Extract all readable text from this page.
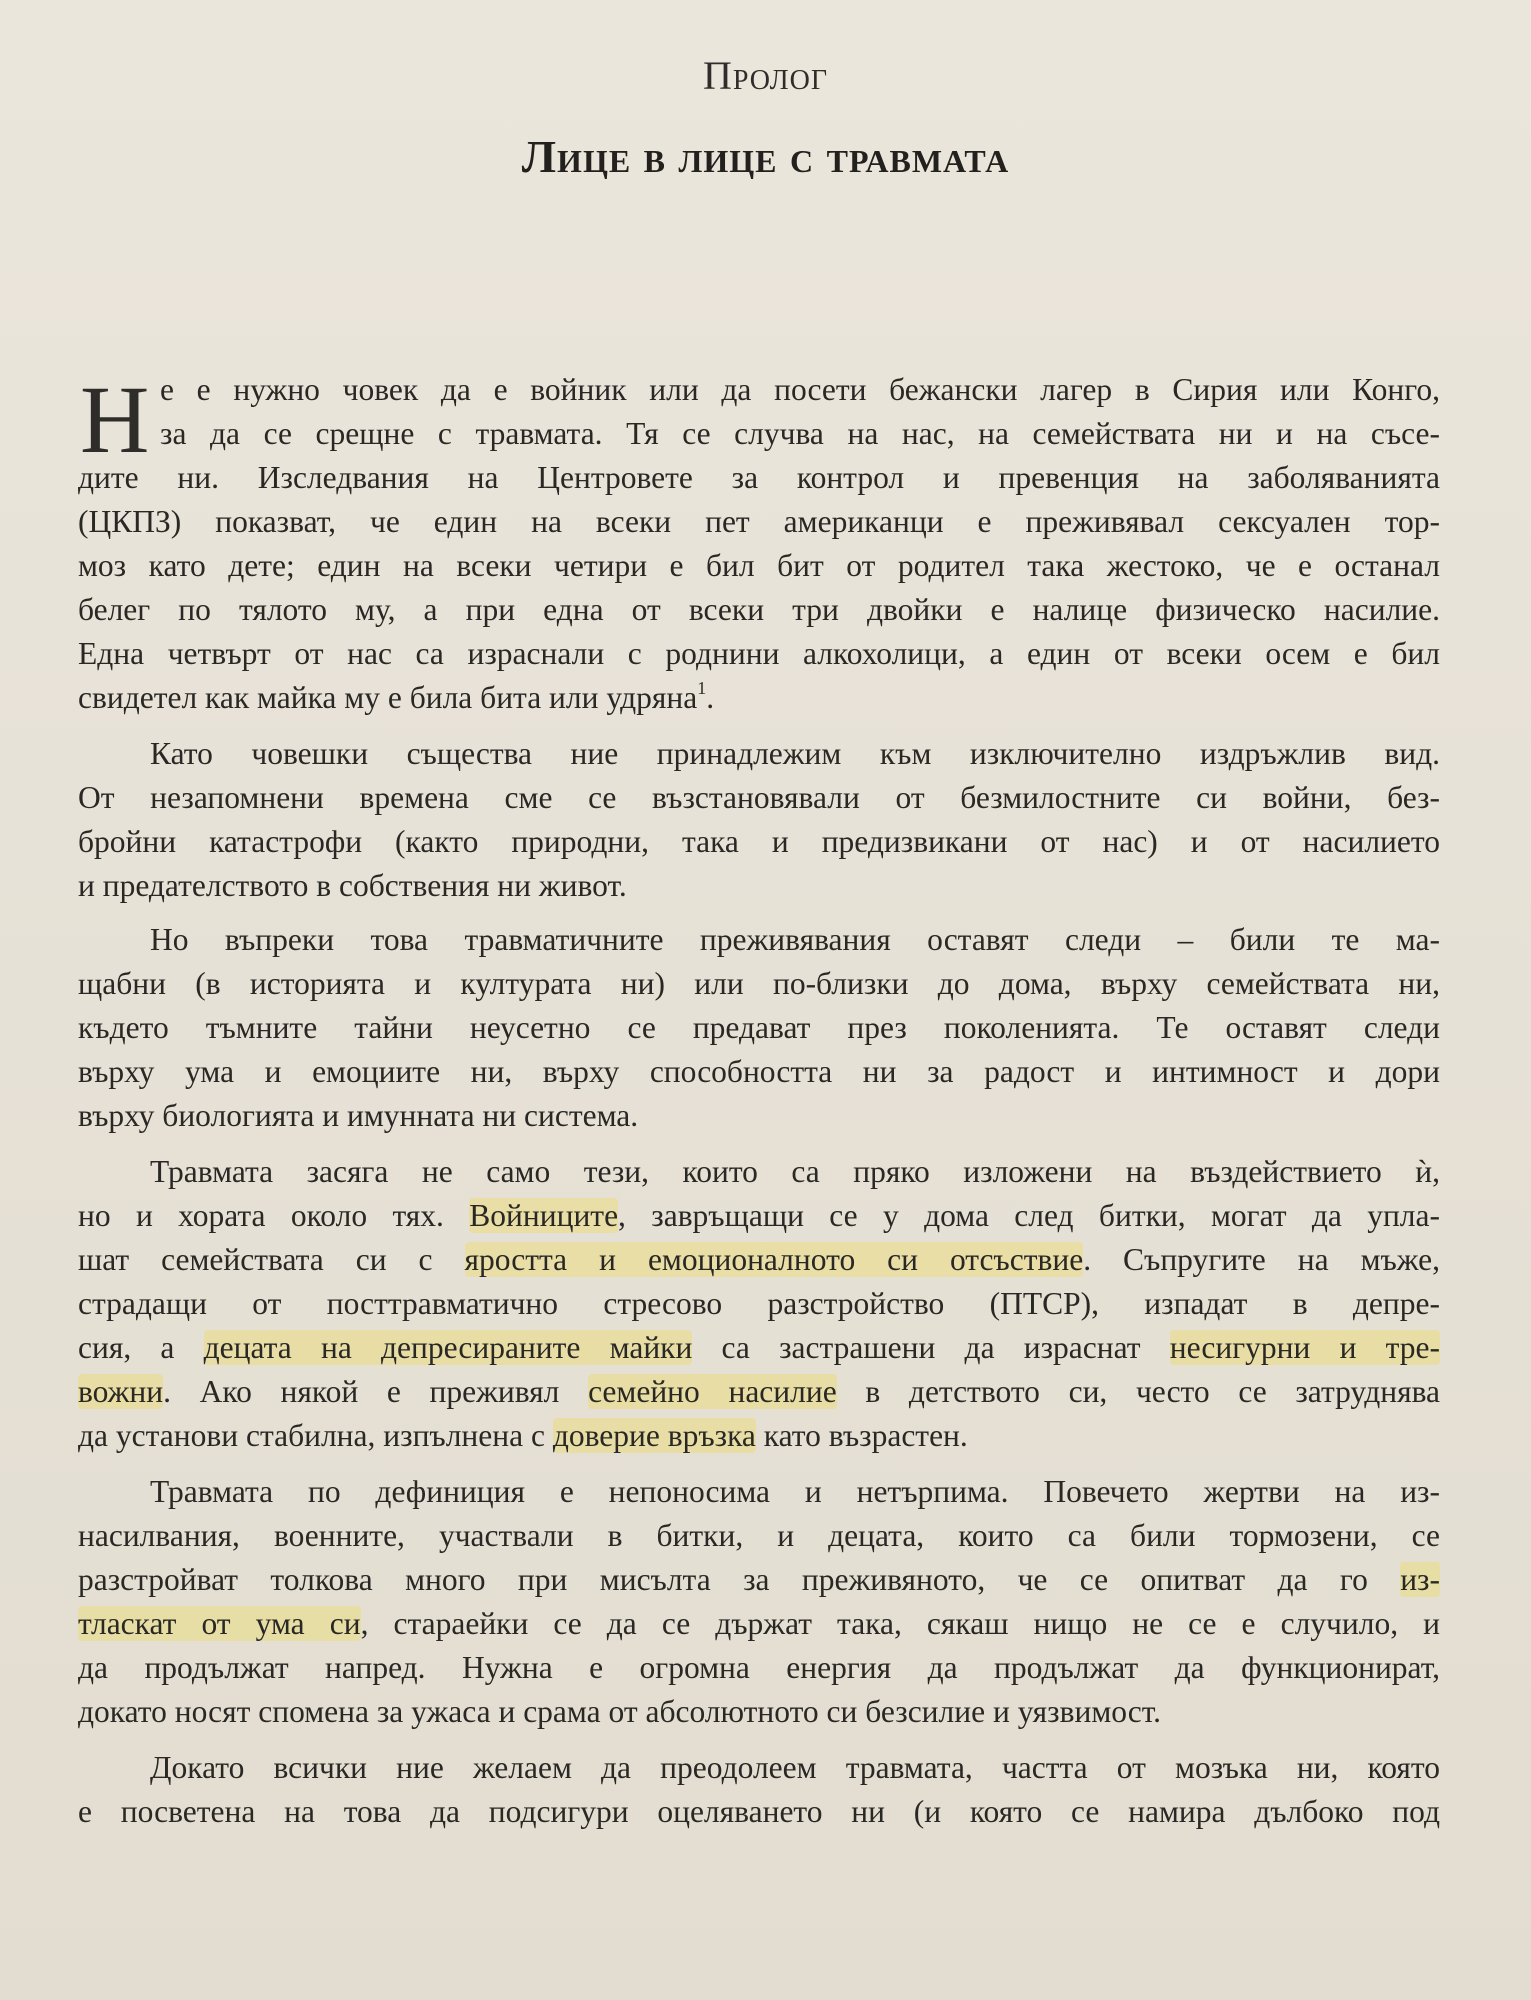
Пролог
Лице в лице с травмата
Н е е нужно човек да е войник или да посети бежански лагер в Сирия или Конго,
за да се срещне с травмата. Тя се случва на нас, на семействата ни и на съсе-
дите ни. Изследвания на Центровете за контрол и превенция на заболяванията
(ЦКПЗ) показват, че един на всеки пет американци е преживявал сексуален тор-
моз като дете; един на всеки четири е бил бит от родител така жестоко, че е останал
белег по тялото му, а при една от всеки три двойки е налице физическо насилие.
Една четвърт от нас са израснали с роднини алкохолици, а един от всеки осем е бил
свидетел как майка му е била бита или удряна$^1$.
Като човешки същества ние принадлежим към изключително издръжлив вид.
От незапомнени времена сме се възстановявали от безмилостните си войни, без-
бройни катастрофи (както природни, така и предизвикани от нас) и от насилието
и предателството в собствения ни живот.
Но въпреки това травматичните преживявания оставят следи – били те ма-
щабни (в историята и културата ни) или по-близки до дома, върху семействата ни,
където тъмните тайни неусетно се предават през поколенията. Те оставят следи
върху ума и емоциите ни, върху способността ни за радост и интимност и дори
върху биологията и имунната ни система.
Травмата засяга не само тези, които са пряко изложени на въздействието ѝ,
но и хората около тях. Войниците, завръщащи се у дома след битки, могат да упла-
шат семействата си с яростта и емоционалното си отсъствие. Съпругите на мъже,
страдащи от посттравматично стресово разстройство (ПТСР), изпадат в депре-
сия, а децата на депресираните майки са застрашени да израснат несигурни и тре-
вожни. Ако някой е преживял семейно насилие в детството си, често се затруднява
да установи стабилна, изпълнена с доверие връзка като възрастен.
Травмата по дефиниция е непоносима и нетърпима. Повечето жертви на из-
насилвания, военните, участвали в битки, и децата, които са били тормозени, се
разстройват толкова много при мисълта за преживяното, че се опитват да го из-
тласкат от ума си, стараейки се да се държат така, сякаш нищо не се е случило, и
да продължат напред. Нужна е огромна енергия да продължат да функционират,
докато носят спомена за ужаса и срама от абсолютното си безсилие и уязвимост.
Докато всички ние желаем да преодолеем травмата, частта от мозъка ни, която
е посветена на това да подсигури оцеляването ни (и която се намира дълбоко под
